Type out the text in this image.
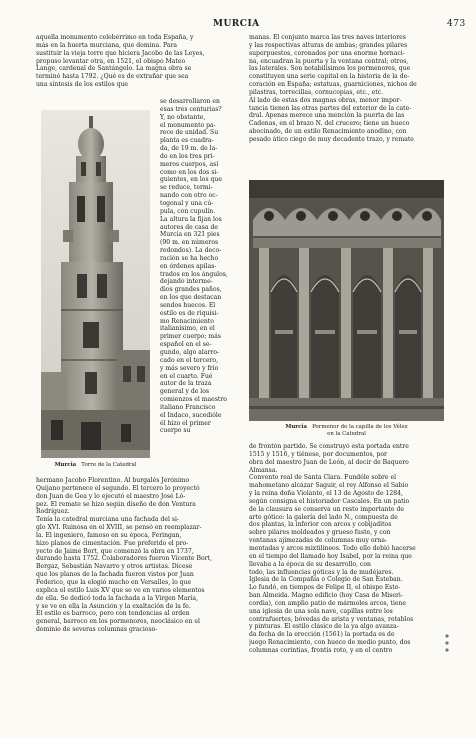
MURCIA	473

aquella monumento celebérrimo en toda España, y

más en la huerta murciana, que domina. Para

sustituir la vieja torre que hiciera Jacobo de las Leyes,

propuso levantar otra, en 1521, el obispo Mateo

Lange, cardenal de Santángelo. La magna obra se

terminó hasta 1792. ¿Qué es de extrañar que sea

una síntesis de los estilos que

Murcia Torre de la Catedral

se desarrollaron en

esas tres centurias?

Y, no obstante,

el monumento pa-

rece de unidad. Su

planta es cuadra-

da, de 19 m. de la-

do en los tres pri-

meros cuerpos, así

como en los dos si-

guientes, en los que

se reduce, termi-

nando con otro oc-

togonal y una cú-

pula, con cupulín.

La altura la fijan los

autores de casa de

Murcia en 321 pies

(90 m. en números

redondos). La deco-

ración se ha hecho

en órdenes apilas-

trados en los ángulos,

dejando interme-

dios grandes paños,

en los que destacan

sendos huecos. El

estilo es de riquísi-

mo Renacimiento

italianísimo, en el

primer cuerpo; más

español en el se-

gundo, algo alarro-

cado en el tercero,

y más severo y frío

en el cuarto. Fué

autor de la traza

general y de los

comienzos el maestro

italiano Francisco

el Indaco, sucedióle

él hizo el primer

cuerpo su

hermano Jacobo Florentino. Al burgalés Jerónimo

Quijano pertenece el segundo. El tercero lo proyectó

don Juan de Gea y lo ejecutó el maestro José Ló-

pez. El remate se hizo según diseño de don Ventura

Rodríguez.

Tenía la catedral murciana una fachada del si-

glo XVI. Ruinosa en el XVIII, se pensó en reemplazar-

la. El ingeniero, famoso en su época, Feringan,

hizo planos de cimentación. Fue preferido el pro-

yecto de Jaime Bort, que comenzó la obra en 1737,

durando hasta 1752. Colaboradores fueron Vicente Bort,

Bergaz, Sebastián Navarro y otros artistas. Dícese

que los planos de la fachada fueron vistos por Juan

Federico, que la elogió mucho en Versalles, lo que

explica el estilo Luis XV que se ve en varios elementos

de ella. Se dedicó toda la fachada a la Virgen María,

y se ve en ella la Asunción y la exaltación de la fe.

El estilo es barroco, pero con tendencias al orden

general, barroco en los pormenores, neoclásico en el

dominio de severas columnas gracioso-

manas. El conjunto marca las tres naves interiores

y las respectivas alturas de ambas; grandes pilares

superpuestos, coronados por una enorme hornaci-

na, encuadran la puerta y la ventana central; otros,

las laterales. Son notabilísimos los pormenores, que

constituyen una serie capital en la historia de la de-

coración en España; estatuas, guarniciones, nichos de

pilastras, torrecillas, cornucopias, etc., etc.

Al lado de estas dos magnas obras, menor impor-

tancia tienen las otras partes del exterior de la cate-

dral. Apenas merece una mención la puerta de las

Cadenas, en el brazo N. del crucero; tiene un hueco

abocinado, de un estilo Renacimiento anodino, con

pesado ático ciego de muy decadente trazo, y remate

Murcia Pormenor de la capilla de los Vélez
en la Catedral

de frontón partido. Se construyó esta portada entre

1515 y 1516, y tiénese, por documentos, por

obra del maestro Juan de León, al decir de Baquero

Almansa.

Convento real de Santa Clara. Fundóle sobre el

mahometano alcázar Saguir, el rey Alfonso el Sabio

y la reina doña Violante, el 13 de Agosto de 1284,

según consigna el historiador Cascales. En un patio

de la clausura se conserva un resto importante de

arte gótico: la galería del lado N., compuesta de

dos plantas, la inferior con arcos y cobijaditos

sobre pilares moldeados y grueso fuste, y con

ventanas ajimezadas de columnas muy orna-

mentadas y arcos mixtilíneos. Todo ello debió hacerse

en el tiempo del llamado hoy Isabel, por la reina que

llevaba a la época de su desarrollo, con

todo, las influencias góticas y la de mudéjares.

Iglesia de la Compañía o Colegio de San Esteban.

Lo fundó, en tiempos de Felipe II, el obispo Este-

ban Almeida. Magno edificio (hoy Casa de Miseri-

cordia), con amplio patio de mármoles arcos, tiene

una iglesia de una sola nave, capillas entre los

contrafuertes, bóvedas de arista y ventanas, retablos

y pinturas. El estilo clásico de la ya algo avanza-

da fecha de la erección (1561) la portada es de

juego Renacimiento, con hueco de medio punto, dos

columnas corintias, frontis roto, y en el centro
